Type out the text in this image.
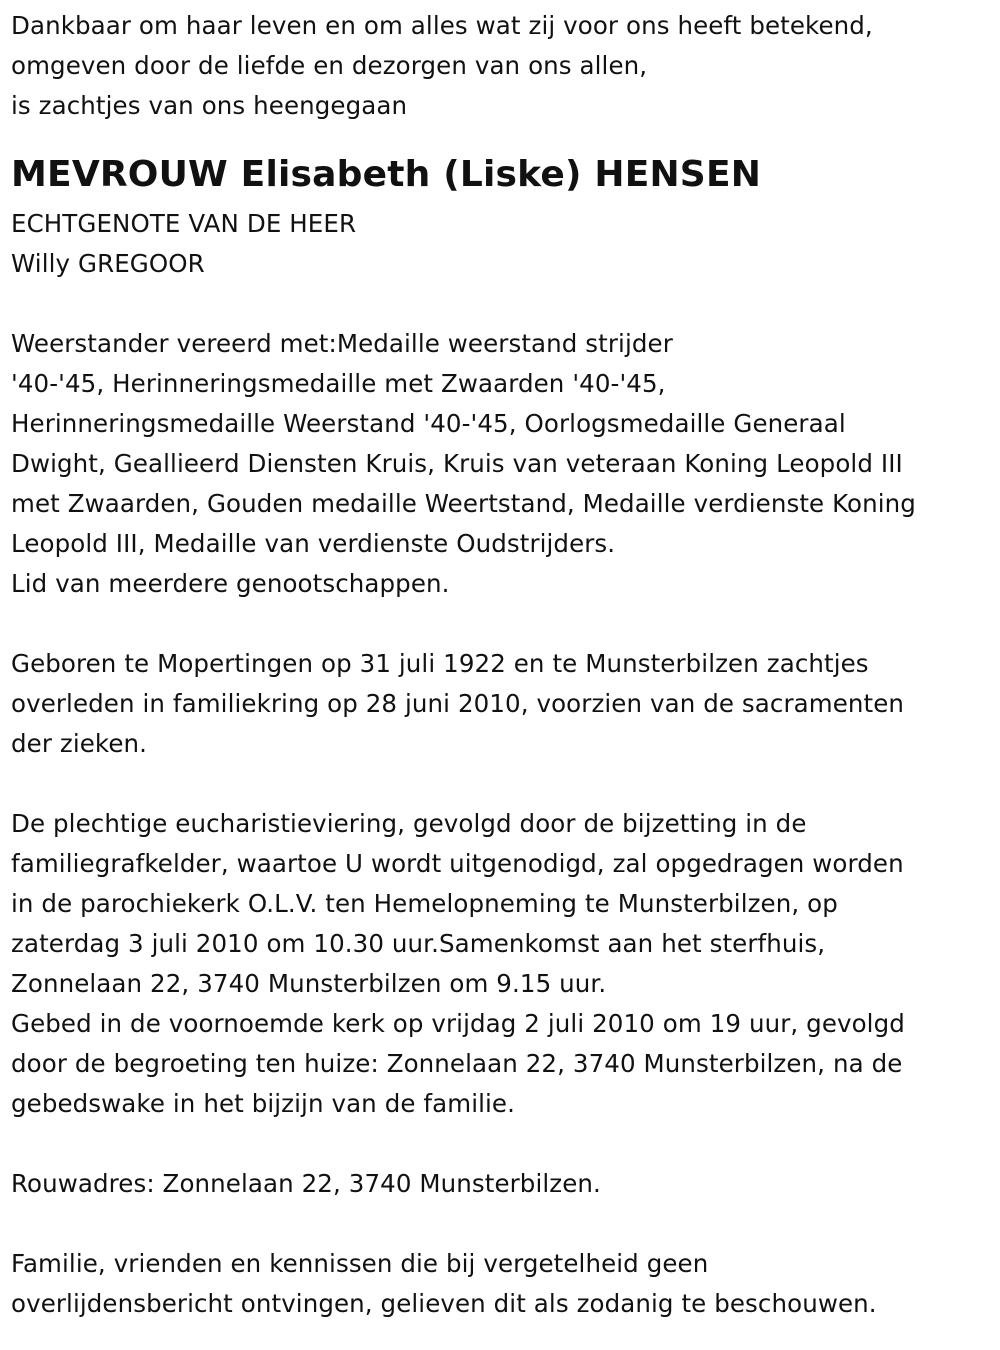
Dankbaar om haar leven en om alles wat zij voor ons heeft betekend,
omgeven door de liefde en dezorgen van ons allen,
is zachtjes van ons heengegaan
MEVROUW Elisabeth (Liske) HENSEN
ECHTGENOTE VAN DE HEER
Willy GREGOOR
Weerstander vereerd met:Medaille weerstand strijder
'40-'45, Herinneringsmedaille met Zwaarden '40-'45,
Herinneringsmedaille Weerstand '40-'45, Oorlogsmedaille Generaal
Dwight, Geallieerd Diensten Kruis, Kruis van veteraan Koning Leopold III
met Zwaarden, Gouden medaille Weertstand, Medaille verdienste Koning
Leopold III, Medaille van verdienste Oudstrijders.
Lid van meerdere genootschappen.
Geboren te Mopertingen op 31 juli 1922 en te Munsterbilzen zachtjes
overleden in familiekring op 28 juni 2010, voorzien van de sacramenten
der zieken.
De plechtige eucharistieviering, gevolgd door de bijzetting in de
familiegrafkelder, waartoe U wordt uitgenodigd, zal opgedragen worden
in de parochiekerk O.L.V. ten Hemelopneming te Munsterbilzen, op
zaterdag 3 juli 2010 om 10.30 uur.Samenkomst aan het sterfhuis,
Zonnelaan 22, 3740 Munsterbilzen om 9.15 uur.
Gebed in de voornoemde kerk op vrijdag 2 juli 2010 om 19 uur, gevolgd
door de begroeting ten huize: Zonnelaan 22, 3740 Munsterbilzen, na de
gebedswake in het bijzijn van de familie.
Rouwadres: Zonnelaan 22, 3740 Munsterbilzen.
Familie, vrienden en kennissen die bij vergetelheid geen
overlijdensbericht ontvingen, gelieven dit als zodanig te beschouwen.
